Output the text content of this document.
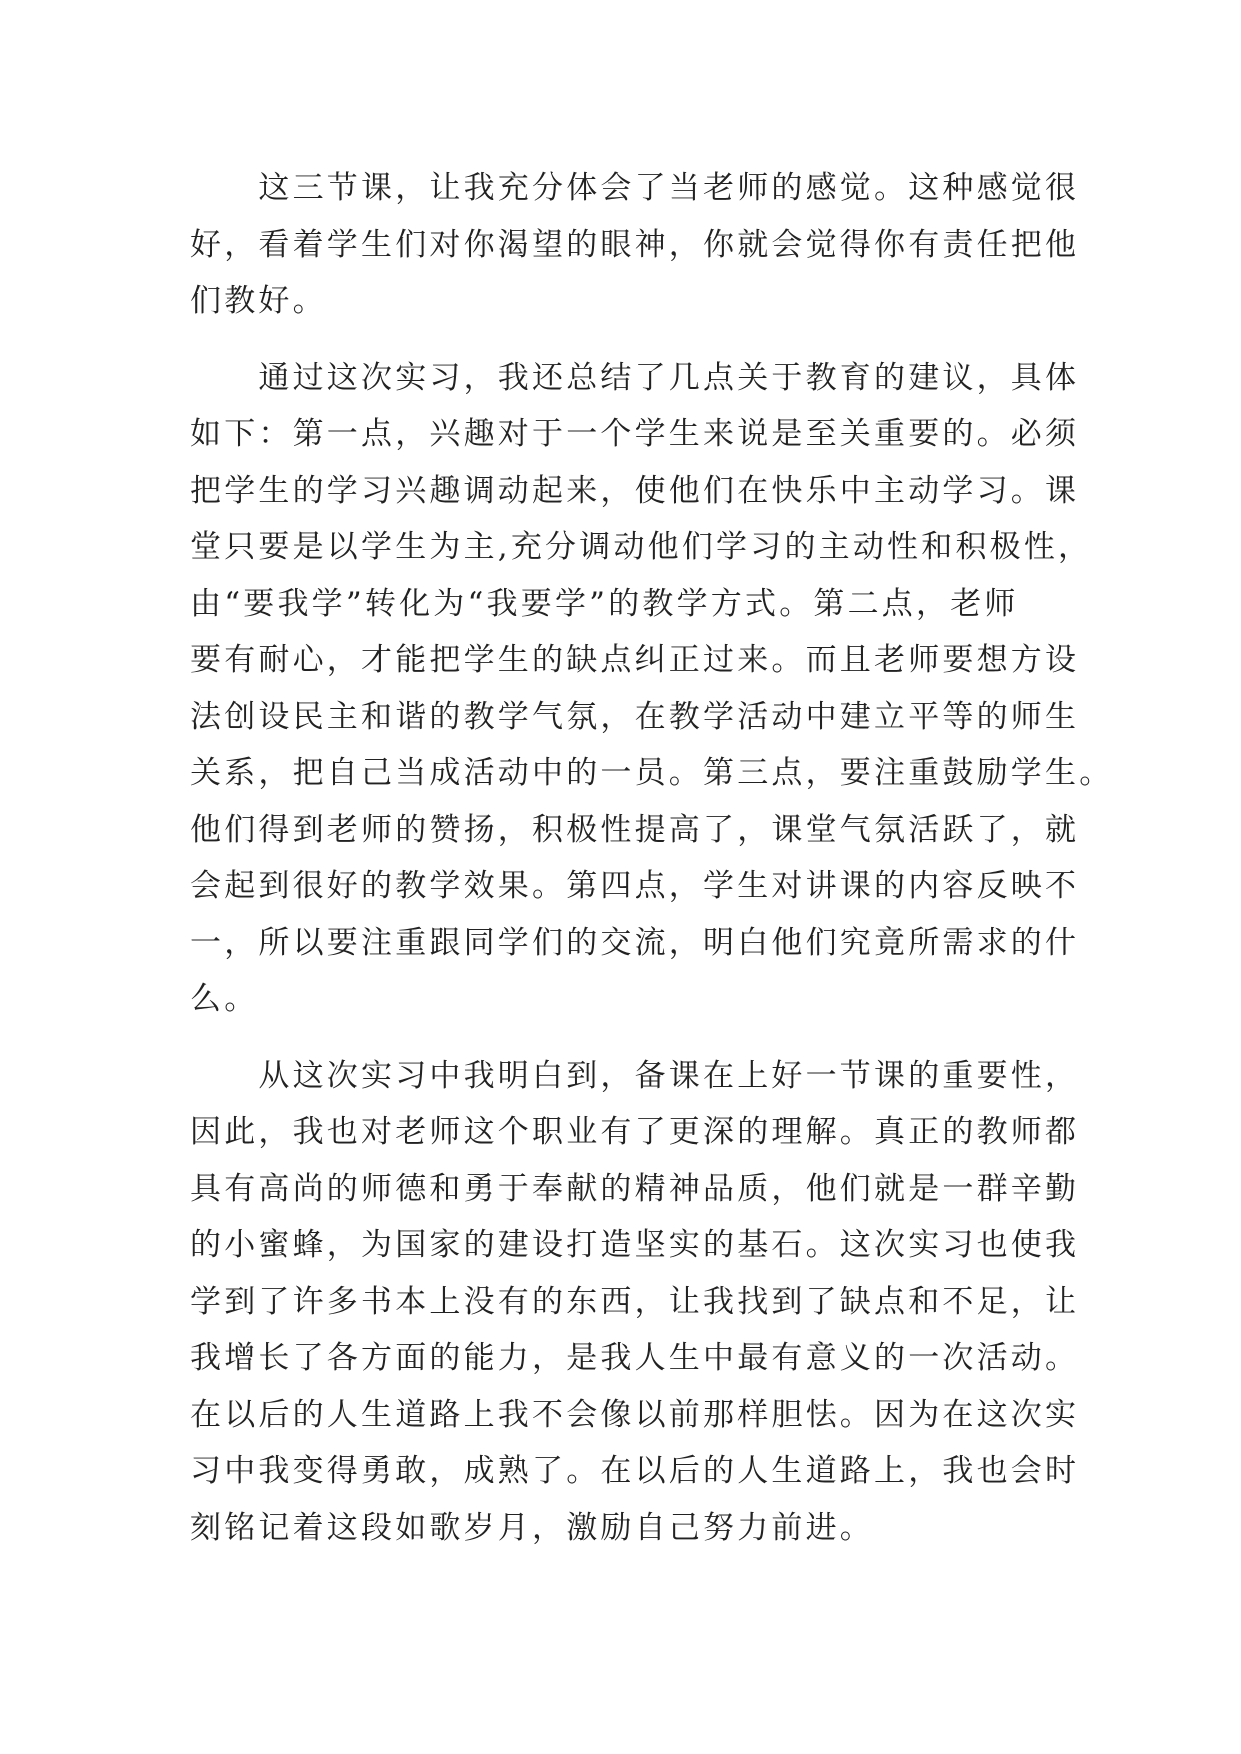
　　这三节课，让我充分体会了当老师的感觉。这种感觉很
好，看着学生们对你渴望的眼神，你就会觉得你有责任把他
们教好。
　　通过这次实习，我还总结了几点关于教育的建议，具体
如下：第一点，兴趣对于一个学生来说是至关重要的。必须
把学生的学习兴趣调动起来，使他们在快乐中主动学习。课
堂只要是以学生为主,充分调动他们学习的主动性和积极性，
由“要我学”转化为“我要学”的教学方式。第二点，老师
要有耐心，才能把学生的缺点纠正过来。而且老师要想方设
法创设民主和谐的教学气氛，在教学活动中建立平等的师生
关系，把自己当成活动中的一员。第三点，要注重鼓励学生。
他们得到老师的赞扬，积极性提高了，课堂气氛活跃了，就
会起到很好的教学效果。第四点，学生对讲课的内容反映不
一，所以要注重跟同学们的交流，明白他们究竟所需求的什
么。
　　从这次实习中我明白到，备课在上好一节课的重要性，
因此，我也对老师这个职业有了更深的理解。真正的教师都
具有高尚的师德和勇于奉献的精神品质，他们就是一群辛勤
的小蜜蜂，为国家的建设打造坚实的基石。这次实习也使我
学到了许多书本上没有的东西，让我找到了缺点和不足，让
我增长了各方面的能力，是我人生中最有意义的一次活动。
在以后的人生道路上我不会像以前那样胆怯。因为在这次实
习中我变得勇敢，成熟了。在以后的人生道路上，我也会时
刻铭记着这段如歌岁月，激励自己努力前进。
